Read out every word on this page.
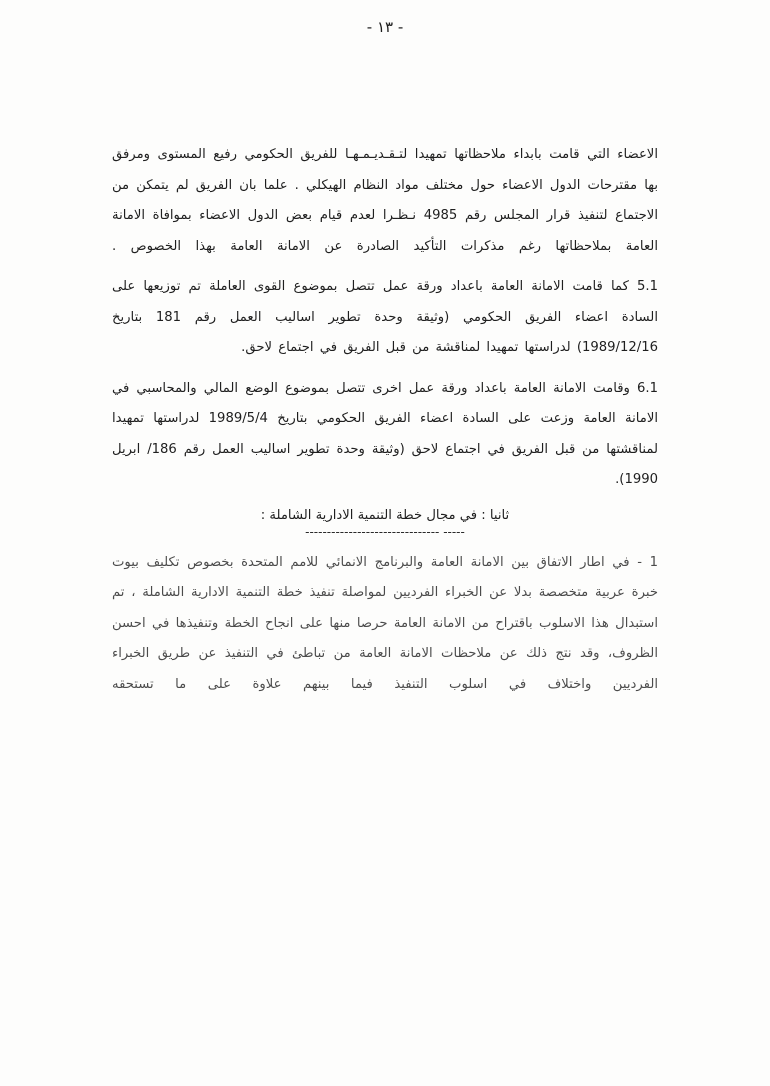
- ١٣ -

الاعضاء التي قامت بابداء ملاحظاتها تمهيدا لتـقـديـمـهـا للفريق الحكومي رفيع المستوى ومرفق بها مقترحات الدول الاعضاء حول مختلف مواد النظام الهيكلي . علما بان الفريق لم يتمكن من الاجتماع لتنفيذ قرار المجلس رقم 4985 نـظـرا لعدم قيام بعض الدول الاعضاء بموافاة الامانة العامة بملاحظاتها رغم مذكرات التأكيد الصادرة عن الامانة العامة بهذا الخصوص .

5.1 كما قامت الامانة العامة باعداد ورقة عمل تتصل بموضوع القوى العاملة تم توزيعها على السادة اعضاء الفريق الحكومي (وثيقة وحدة تطوير اساليب العمل رقم 181 بتاريخ 1989/12/16) لدراستها تمهيدا لمناقشة من قبل الفريق في اجتماع لاحق.

6.1 وقامت الامانة العامة باعداد ورقة عمل اخرى تتصل بموضوع الوضع المالي والمحاسبي في الامانة العامة وزعت على السادة اعضاء الفريق الحكومي بتاريخ 1989/5/4 لدراستها تمهيدا لمناقشتها من قبل الفريق في اجتماع لاحق (وثيقة وحدة تطوير اساليب العمل رقم 186/ ابريل 1990).

ثانيا : في مجال خطة التنمية الادارية الشاملة :
------------------------------- -----

1 - في اطار الاتفاق بين الامانة العامة والبرنامج الانمائي للامم المتحدة بخصوص تكليف بيوت خبرة عربية متخصصة بدلا عن الخبراء الفرديين لمواصلة تنفيذ خطة التنمية الادارية الشاملة ، تم استبدال هذا الاسلوب باقتراح من الامانة العامة حرصا منها على انجاح الخطة وتنفيذها في احسن الظروف، وقد نتج ذلك عن ملاحظات الامانة العامة من تباطئ في التنفيذ عن طريق الخبراء الفرديين واختلاف في اسلوب التنفيذ فيما بينهم علاوة على ما تستحقه
